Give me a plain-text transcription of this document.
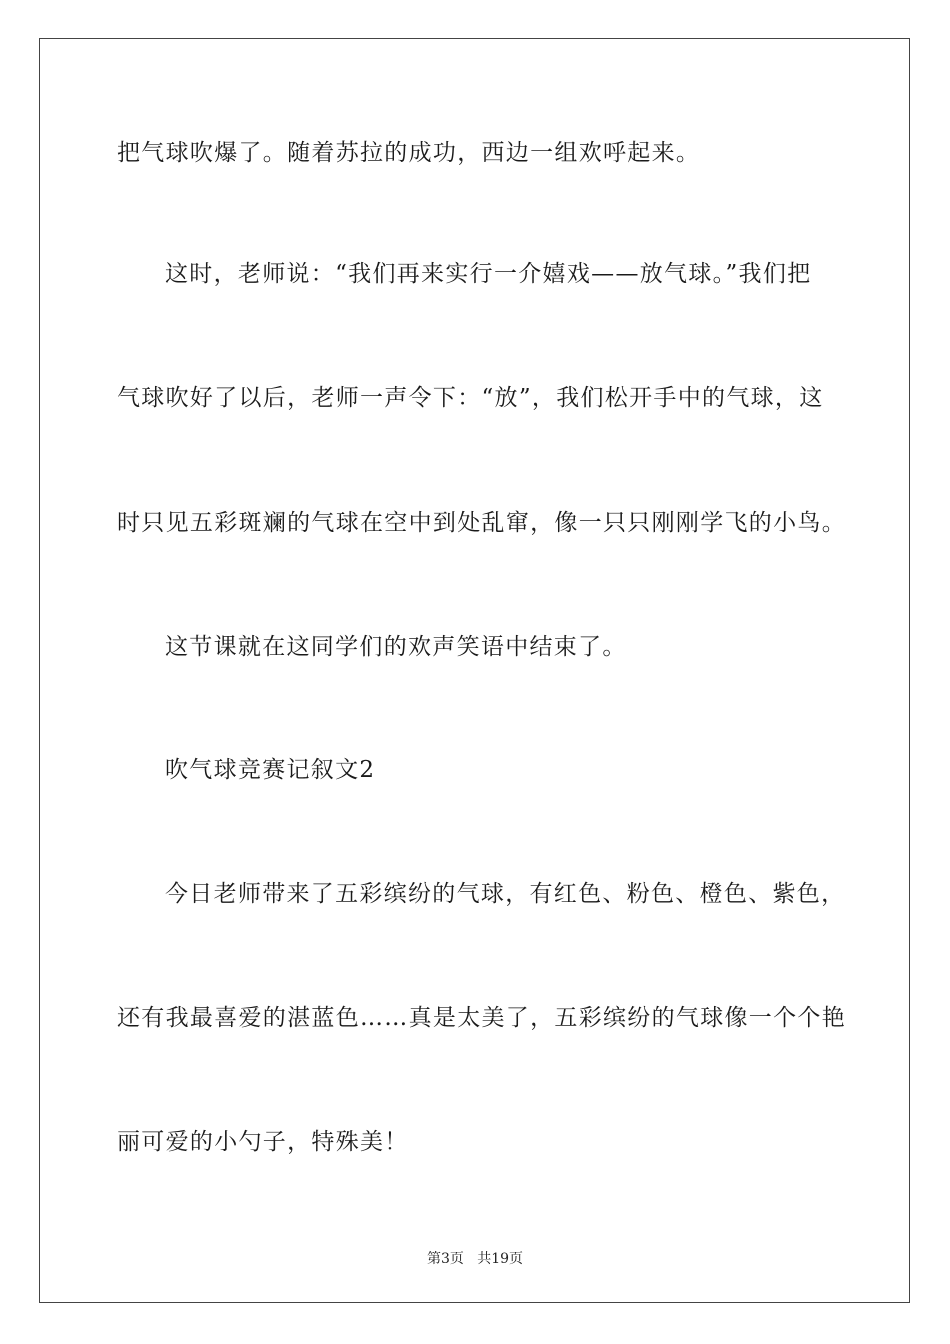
把气球吹爆了。随着苏拉的成功，西边一组欢呼起来。
这时，老师说：“我们再来实行一介嬉戏——放气球。”我们把
气球吹好了以后，老师一声令下：“放”，我们松开手中的气球，这
时只见五彩斑斓的气球在空中到处乱窜，像一只只刚刚学飞的小鸟。
这节课就在这同学们的欢声笑语中结束了。
吹气球竞赛记叙文2
今日老师带来了五彩缤纷的气球，有红色、粉色、橙色、紫色，
还有我最喜爱的湛蓝色……真是太美了，五彩缤纷的气球像一个个艳
丽可爱的小勺子，特殊美！
第3页   共19页
